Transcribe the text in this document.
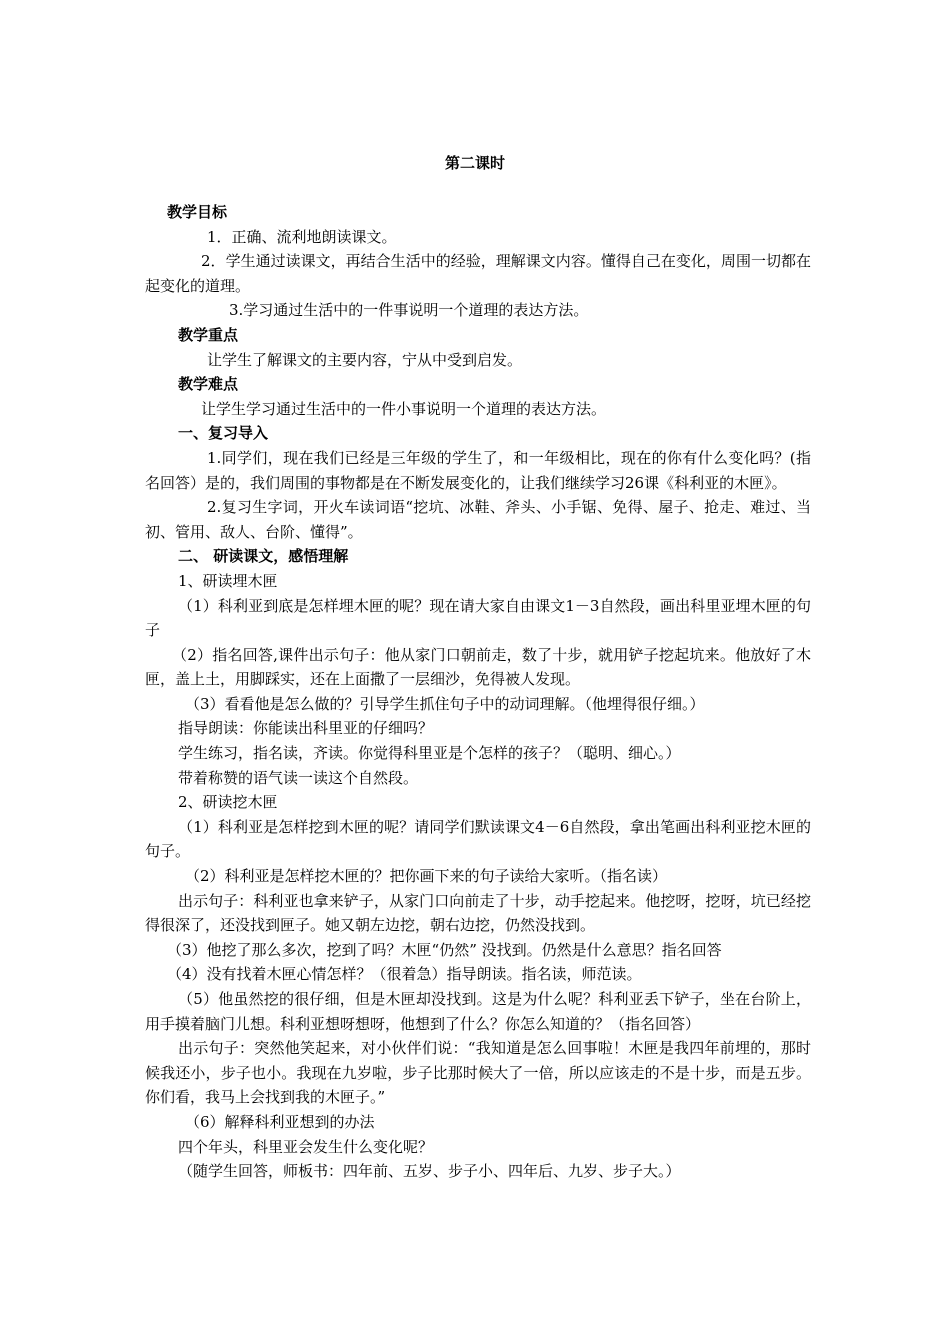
第二课时

教学目标

1．正确、流利地朗读课文。

2．学生通过读课文，再结合生活中的经验，理解课文内容。懂得自己在变化，周围一切都在起变化的道理。

3.学习通过生活中的一件事说明一个道理的表达方法。

教学重点

让学生了解课文的主要内容，宁从中受到启发。

教学难点

让学生学习通过生活中的一件小事说明一个道理的表达方法。

一、复习导入

1.同学们，现在我们已经是三年级的学生了，和一年级相比，现在的你有什么变化吗？(指名回答）是的，我们周围的事物都是在不断发展变化的，让我们继续学习26课《科利亚的木匣》。

2.复习生字词，开火车读词语“挖坑、冰鞋、斧头、小手锯、免得、屋子、抢走、难过、当初、管用、敌人、台阶、懂得”。

二、 研读课文，感悟理解

1、研读埋木匣

（1）科利亚到底是怎样埋木匣的呢？现在请大家自由课文1－3自然段，画出科里亚埋木匣的句子

（2）指名回答,课件出示句子：他从家门口朝前走，数了十步，就用铲子挖起坑来。他放好了木匣，盖上土，用脚踩实，还在上面撒了一层细沙，免得被人发现。

（3）看看他是怎么做的？引导学生抓住句子中的动词理解。（他埋得很仔细。）

指导朗读：你能读出科里亚的仔细吗？

学生练习，指名读，齐读。你觉得科里亚是个怎样的孩子？（聪明、细心。）

带着称赞的语气读一读这个自然段。

2、研读挖木匣

（1）科利亚是怎样挖到木匣的呢？请同学们默读课文4－6自然段，拿出笔画出科利亚挖木匣的句子。

（2）科利亚是怎样挖木匣的？把你画下来的句子读给大家听。（指名读）

出示句子：科利亚也拿来铲子，从家门口向前走了十步，动手挖起来。他挖呀，挖呀，坑已经挖得很深了，还没找到匣子。她又朝左边挖，朝右边挖，仍然没找到。

（3）他挖了那么多次，挖到了吗？木匣“仍然” 没找到。仍然是什么意思？指名回答

（4）没有找着木匣心情怎样？（很着急）指导朗读。指名读，师范读。

（5）他虽然挖的很仔细，但是木匣却没找到。这是为什么呢？科利亚丢下铲子，坐在台阶上，用手摸着脑门儿想。科利亚想呀想呀，他想到了什么？你怎么知道的？（指名回答）

出示句子：突然他笑起来，对小伙伴们说：“我知道是怎么回事啦！木匣是我四年前埋的，那时候我还小，步子也小。我现在九岁啦，步子比那时候大了一倍，所以应该走的不是十步，而是五步。你们看，我马上会找到我的木匣子。”

（6）解释科利亚想到的办法

四个年头，科里亚会发生什么变化呢？

（随学生回答，师板书：四年前、五岁、步子小、四年后、九岁、步子大。）
